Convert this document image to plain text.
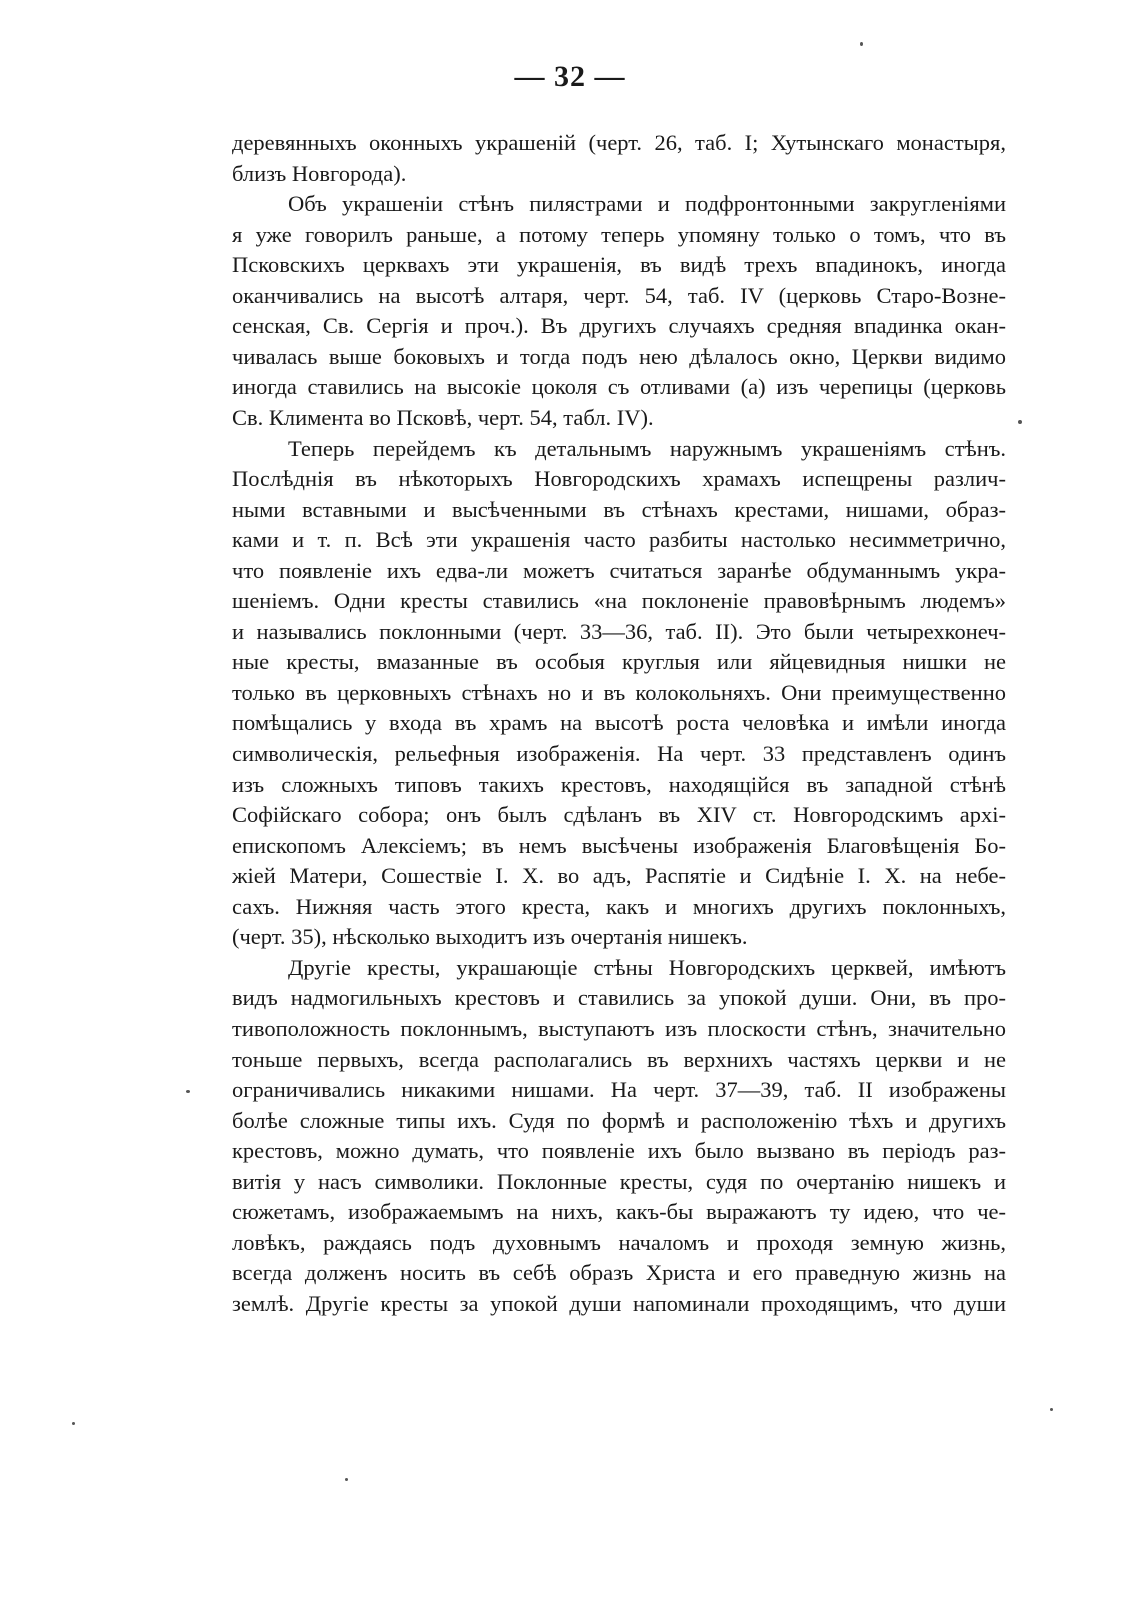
— 32 —
деревянныхъ оконныхъ украшеній (черт. 26, таб. I; Хутынскаго монастыря,
близъ Новгорода).
Объ украшеніи стѣнъ пилястрами и подфронтонными закругленіями
я уже говорилъ раньше, а потому теперь упомяну только о томъ, что въ
Псковскихъ церквахъ эти украшенія, въ видѣ трехъ впадинокъ, иногда
оканчивались на высотѣ алтаря, черт. 54, таб. IV (церковь Старо-Вознe-
сенская, Св. Сергія и проч.). Въ другихъ случаяхъ средняя впадинка окан-
чивалась выше боковыхъ и тогда подъ нею дѣлалось окно, Церкви видимо
иногда ставились на высокіе цоколя съ отливами (а) изъ черепицы (церковь
Св. Климента во Псковѣ, черт. 54, табл. IV).
Теперь перейдемъ къ детальнымъ наружнымъ украшеніямъ стѣнъ.
Послѣднія въ нѣкоторыхъ Новгородскихъ храмахъ испещрены различ-
ными вставными и высѣченными въ стѣнахъ крестами, нишами, образ-
ками и т. п. Всѣ эти украшенія часто разбиты настолько несимметрично,
что появленіе ихъ едва-ли можетъ считаться заранѣе обдуманнымъ укра-
шеніемъ. Одни кресты ставились «на поклоненіе правовѣрнымъ людемъ»
и назывались поклонными (черт. 33—36, таб. II). Это были четырехконеч-
ные кресты, вмазанные въ особыя круглыя или яйцевидныя нишки не
только въ церковныхъ стѣнахъ но и въ колокольняхъ. Они преимущественно
помѣщались у входа въ храмъ на высотѣ роста человѣка и имѣли иногда
символическія, рельефныя изображенія. На черт. 33 представленъ одинъ
изъ сложныхъ типовъ такихъ крестовъ, находящійся въ западной стѣнѣ
Софійскаго собора; онъ былъ сдѣланъ въ XIV ст. Новгородскимъ архі-
епископомъ Алексіемъ; въ немъ высѣчены изображенія Благовѣщенія Бо-
жіей Матери, Сошествіе I. X. во адъ, Распятіе и Сидѣніе I. X. на небе-
сахъ. Нижняя часть этого креста, какъ и многихъ другихъ поклонныхъ,
(черт. 35), нѣсколько выходитъ изъ очертанія нишекъ.
Другіе кресты, украшающіе стѣны Новгородскихъ церквей, имѣютъ
видъ надмогильныхъ крестовъ и ставились за упокой души. Они, въ про-
тивоположность поклоннымъ, выступаютъ изъ плоскости стѣнъ, значительно
тоньше первыхъ, всегда располагались въ верхнихъ частяхъ церкви и не
ограничивались никакими нишами. На черт. 37—39, таб. II изображены
болѣе сложные типы ихъ. Судя по формѣ и расположенію тѣхъ и другихъ
крестовъ, можно думать, что появленіе ихъ было вызвано въ періодъ раз-
витія у насъ символики. Поклонные кресты, судя по очертанію нишекъ и
сюжетамъ, изображаемымъ на нихъ, какъ-бы выражаютъ ту идею, что че-
ловѣкъ, раждаясь подъ духовнымъ началомъ и проходя земную жизнь,
всегда долженъ носить въ себѣ образъ Христа и его праведную жизнь на
землѣ. Другіе кресты за упокой души напоминали проходящимъ, что души
